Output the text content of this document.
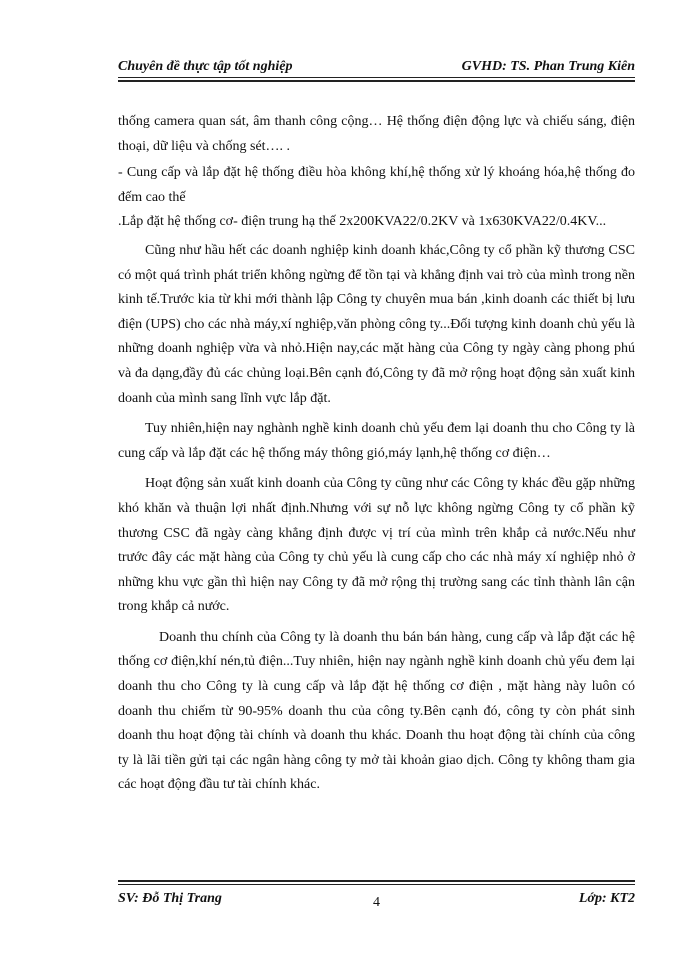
Chuyên đề thực tập tốt nghiệp	GVHD: TS. Phan Trung Kiên

thống camera quan sát, âm thanh công cộng… Hệ thống điện động lực và chiếu sáng, điện thoại, dữ liệu và chống sét…. .

- Cung cấp và lắp đặt hệ thống điều hòa không khí,hệ thống xử lý khoáng hóa,hệ thống đo đếm cao thế

.Lắp đặt hệ thống cơ- điện trung hạ thế 2x200KVA22/0.2KV và 1x630KVA22/0.4KV...

Cũng như hầu hết các doanh nghiệp kinh doanh khác,Công ty cổ phần kỹ thương CSC có một quá trình phát triển không ngừng để tồn tại và khẳng định vai trò của mình trong nền kinh tế.Trước kia từ khi mới thành lập Công ty chuyên mua bán ,kinh doanh các thiết bị lưu điện (UPS) cho các nhà máy,xí nghiệp,văn phòng công ty...Đối tượng kinh doanh chủ yếu là những doanh nghiệp vừa và nhỏ.Hiện nay,các mặt hàng của Công ty ngày càng phong phú và đa dạng,đầy đủ các chủng loại.Bên cạnh đó,Công ty đã mở rộng hoạt động sản xuất kinh doanh của mình sang lĩnh vực lắp đặt.

Tuy nhiên,hiện nay nghành nghề kinh doanh chủ yếu đem lại doanh thu cho Công ty là cung cấp và lắp đặt các hệ thống máy thông gió,máy lạnh,hệ thống cơ điện…

Hoạt động sản xuất kinh doanh của Công ty cũng như các Công ty khác đều gặp những khó khăn và thuận lợi nhất định.Nhưng với sự nỗ lực không ngừng Công ty cổ phần kỹ thương CSC đã ngày càng khẳng định được vị trí của mình trên khắp cả nước.Nếu như trước đây các mặt hàng của Công ty chủ yếu là cung cấp cho các nhà máy xí nghiệp nhỏ ở những khu vực gần thì hiện nay Công ty đã mở rộng thị trường sang các tỉnh thành lân cận trong khắp cả nước.

Doanh thu chính của Công ty là doanh thu bán bán hàng, cung cấp và lắp đặt các hệ thống cơ điện,khí nén,tủ điện...Tuy nhiên, hiện nay ngành nghề kinh doanh chủ yếu đem lại doanh thu cho Công ty là cung cấp và lắp đặt hệ thống cơ điện , mặt hàng này luôn có doanh thu chiếm từ 90-95% doanh thu của công ty.Bên cạnh đó, công ty còn phát sinh doanh thu hoạt động tài chính và doanh thu khác. Doanh thu hoạt động tài chính của công ty là lãi tiền gửi tại các ngân hàng công ty mở tài khoản giao dịch. Công ty không tham gia các hoạt động đầu tư tài chính khác.

SV: Đỗ Thị Trang	4	Lớp: KT2
